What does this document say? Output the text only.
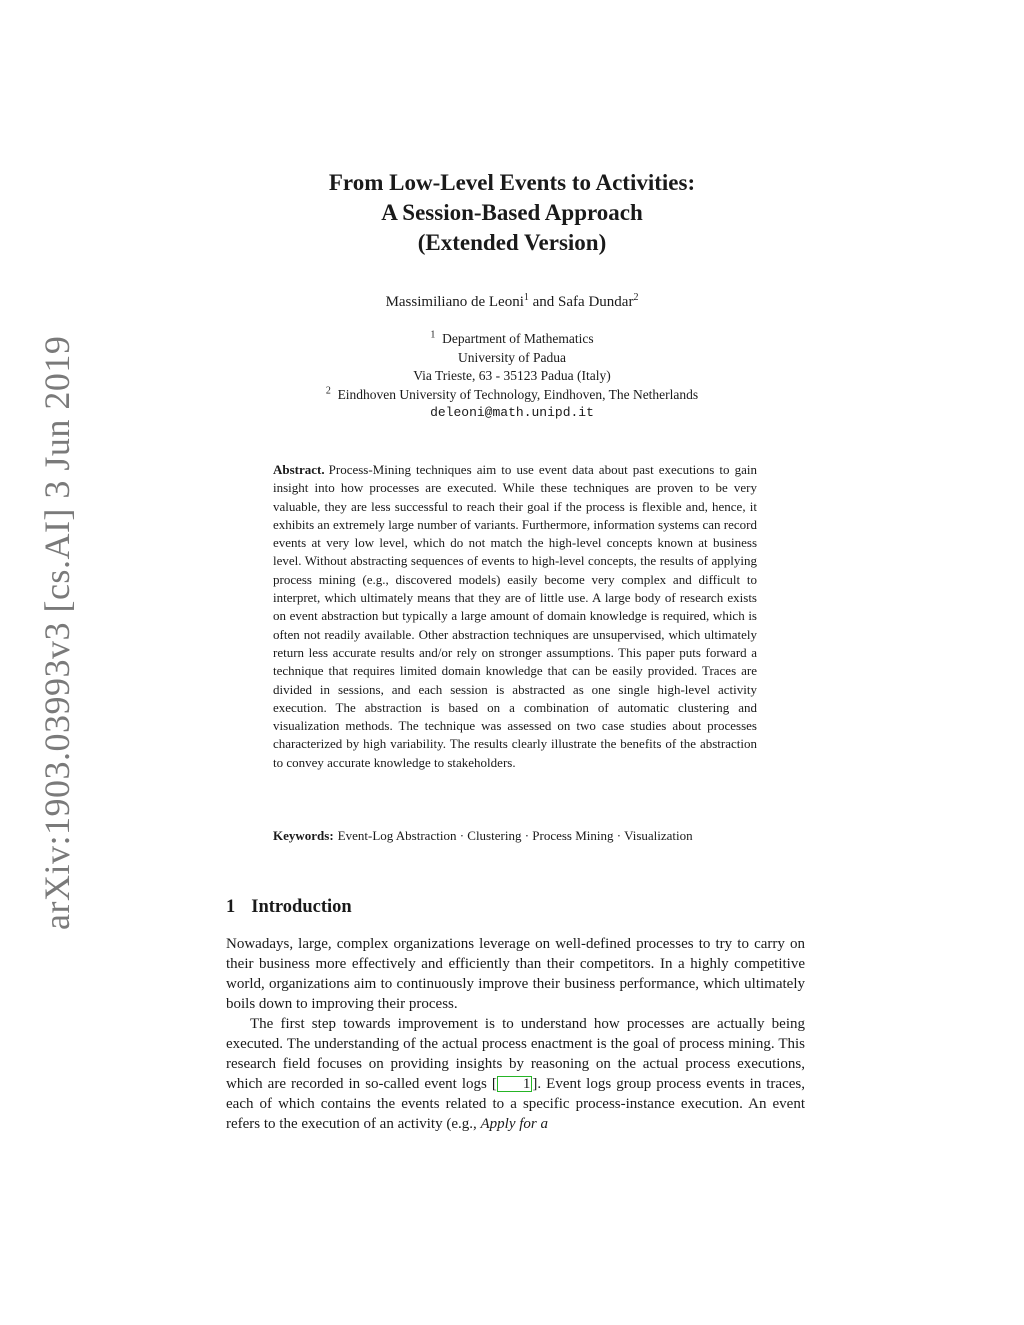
arXiv:1903.03993v3 [cs.AI] 3 Jun 2019
From Low-Level Events to Activities:
A Session-Based Approach
(Extended Version)
Massimiliano de Leoni$^1$ and Safa Dundar$^2$
$^1$ Department of Mathematics
University of Padua
Via Trieste, 63 - 35123 Padua (Italy)
$^2$ Eindhoven University of Technology, Eindhoven, The Netherlands
deleoni@math.unipd.it
Abstract. Process-Mining techniques aim to use event data about past executions to gain insight into how processes are executed. While these techniques are proven to be very valuable, they are less successful to reach their goal if the process is flexible and, hence, it exhibits an extremely large number of variants. Furthermore, information systems can record events at very low level, which do not match the high-level concepts known at business level. Without abstracting sequences of events to high-level concepts, the results of applying process mining (e.g., discovered models) easily become very complex and difficult to interpret, which ultimately means that they are of little use. A large body of research exists on event abstraction but typically a large amount of domain knowledge is required, which is often not readily available. Other abstraction techniques are unsupervised, which ultimately return less accurate results and/or rely on stronger assumptions. This paper puts forward a technique that requires limited domain knowledge that can be easily provided. Traces are divided in sessions, and each session is abstracted as one single high-level activity execution. The abstraction is based on a combination of automatic clustering and visualization methods. The technique was assessed on two case studies about processes characterized by high variability. The results clearly illustrate the benefits of the abstraction to convey accurate knowledge to stakeholders.
Keywords: Event-Log Abstraction · Clustering · Process Mining · Visualization
1 Introduction

Nowadays, large, complex organizations leverage on well-defined processes to try to carry on their business more effectively and efficiently than their competitors. In a highly competitive world, organizations aim to continuously improve their business performance, which ultimately boils down to improving their process.

The first step towards improvement is to understand how processes are actually being executed. The understanding of the actual process enactment is the goal of process mining. This research field focuses on providing insights by reasoning on the actual process executions, which are recorded in so-called event logs [ 1 ]. Event logs group process events in traces, each of which contains the events related to a specific process-instance execution. An event refers to the execution of an activity (e.g., Apply for a
